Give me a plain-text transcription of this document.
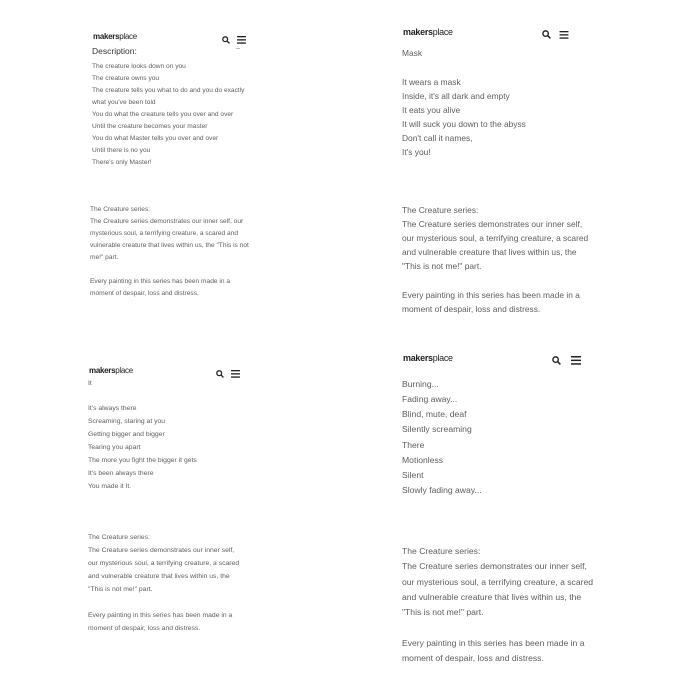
makersplace
Description:
The creature looks down on you
The creature owns you
The creature tells you what to do and you do exactly
what you've been told
You do what the creature tells you over and over
Until the creature becomes your master
You do what Master tells you over and over
Until there is no you
There's only Master!
The Creature series:
The Creature series demonstrates our inner self, our
mysterious soul, a terrifying creature, a scared and
vulnerable creature that lives within us, the "This is not
me!" part.
Every painting in this series has been made in a
moment of despair, loss and distress.
makersplace
Mask
It wears a mask
Inside, it's all dark and empty
It eats you alive
It will suck you down to the abyss
Don't call it names,
It's you!
The Creature series:
The Creature series demonstrates our inner self,
our mysterious soul, a terrifying creature, a scared
and vulnerable creature that lives within us, the
"This is not me!" part.
Every painting in this series has been made in a
moment of despair, loss and distress.
makersplace
It
It's always there
Screaming, staring at you
Getting bigger and bigger
Tearing you apart
The more you fight the bigger it gets
It's been always there
You made it It.
The Creature series:
The Creature series demonstrates our inner self,
our mysterious soul, a terrifying creature, a scared
and vulnerable creature that lives within us, the
"This is not me!" part.
Every painting in this series has been made in a
moment of despair, loss and distress.
makersplace
Burning...
Fading away...
Blind, mute, deaf
Silently screaming
There
Motionless
Silent
Slowly fading away...
The Creature series:
The Creature series demonstrates our inner self,
our mysterious soul, a terrifying creature, a scared
and vulnerable creature that lives within us, the
"This is not me!" part.
Every painting in this series has been made in a
moment of despair, loss and distress.
